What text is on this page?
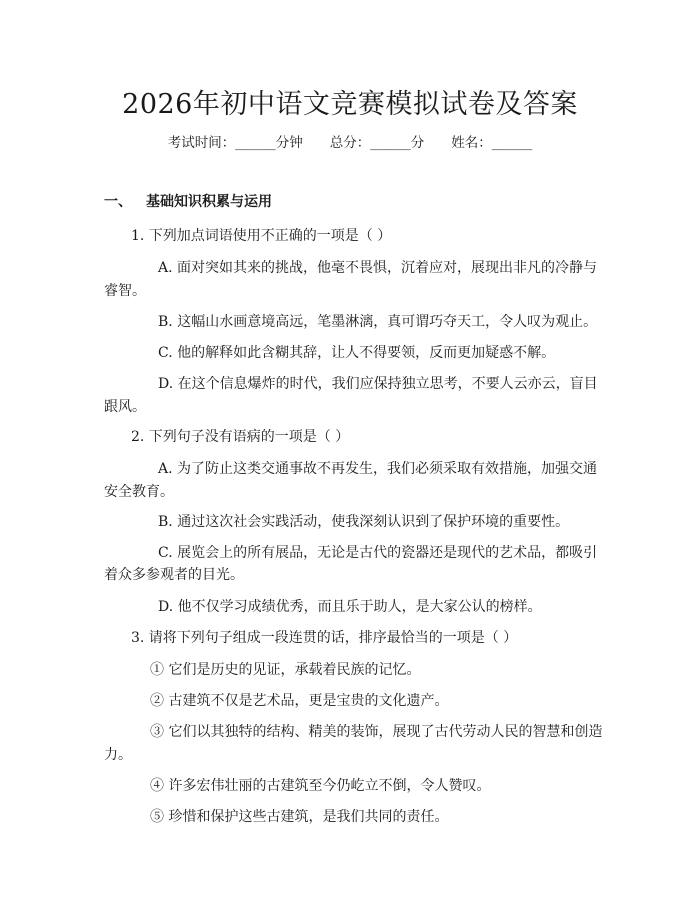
2026年初中语文竞赛模拟试卷及答案
考试时间：______分钟　　总分：______分　　姓名：______
一、 基础知识积累与运用
1. 下列加点词语使用不正确的一项是（ ）
A. 面对突如其来的挑战，他毫不畏惧，沉着应对，展现出非凡的冷静与
睿智。
B. 这幅山水画意境高远，笔墨淋漓，真可谓巧夺天工，令人叹为观止。
C. 他的解释如此含糊其辞，让人不得要领，反而更加疑惑不解。
D. 在这个信息爆炸的时代，我们应保持独立思考，不要人云亦云，盲目
跟风。
2. 下列句子没有语病的一项是（ ）
A. 为了防止这类交通事故不再发生，我们必须采取有效措施，加强交通
安全教育。
B. 通过这次社会实践活动，使我深刻认识到了保护环境的重要性。
C. 展览会上的所有展品，无论是古代的瓷器还是现代的艺术品，都吸引
着众多参观者的目光。
D. 他不仅学习成绩优秀，而且乐于助人，是大家公认的榜样。
3. 请将下列句子组成一段连贯的话，排序最恰当的一项是（ ）
① 它们是历史的见证，承载着民族的记忆。
② 古建筑不仅是艺术品，更是宝贵的文化遗产。
③ 它们以其独特的结构、精美的装饰，展现了古代劳动人民的智慧和创造
力。
④ 许多宏伟壮丽的古建筑至今仍屹立不倒，令人赞叹。
⑤ 珍惜和保护这些古建筑，是我们共同的责任。
